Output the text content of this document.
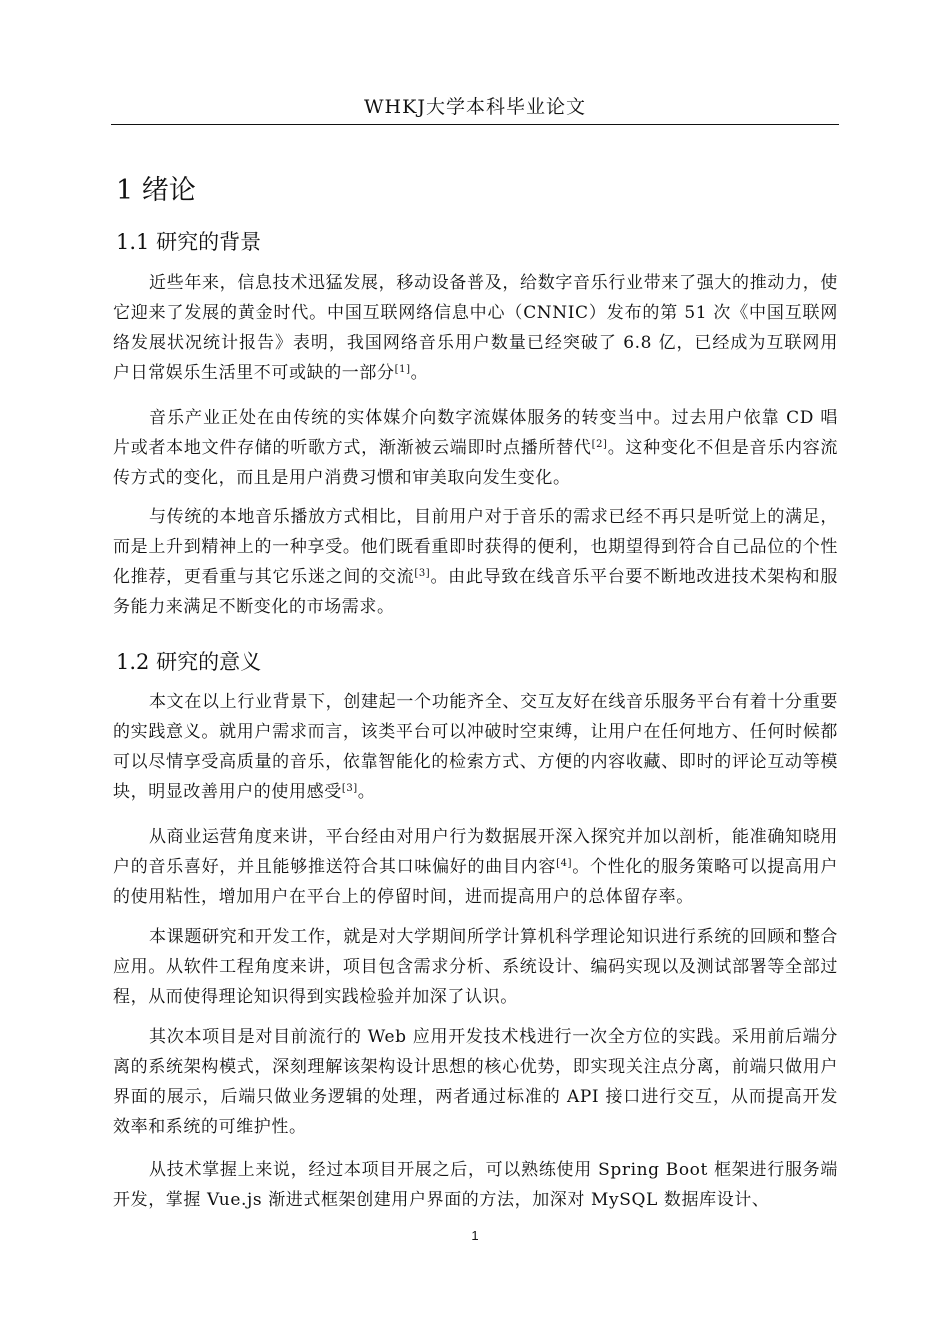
WHKJ大学本科毕业论文
1 绪论
1.1 研究的背景

近些年来，信息技术迅猛发展，移动设备普及，给数字音乐行业带来了强大的推动力，使它迎来了发展的黄金时代。中国互联网络信息中心（CNNIC）发布的第 51 次《中国互联网络发展状况统计报告》表明，我国网络音乐用户数量已经突破了 6.8 亿，已经成为互联网用户日常娱乐生活里不可或缺的一部分[1]。

音乐产业正处在由传统的实体媒介向数字流媒体服务的转变当中。过去用户依靠 CD 唱片或者本地文件存储的听歌方式，渐渐被云端即时点播所替代[2]。这种变化不但是音乐内容流传方式的变化，而且是用户消费习惯和审美取向发生变化。

与传统的本地音乐播放方式相比，目前用户对于音乐的需求已经不再只是听觉上的满足，而是上升到精神上的一种享受。他们既看重即时获得的便利，也期望得到符合自己品位的个性化推荐，更看重与其它乐迷之间的交流[3]。由此导致在线音乐平台要不断地改进技术架构和服务能力来满足不断变化的市场需求。

1.2 研究的意义

本文在以上行业背景下，创建起一个功能齐全、交互友好在线音乐服务平台有着十分重要的实践意义。就用户需求而言，该类平台可以冲破时空束缚，让用户在任何地方、任何时候都可以尽情享受高质量的音乐，依靠智能化的检索方式、方便的内容收藏、即时的评论互动等模块，明显改善用户的使用感受[3]。

从商业运营角度来讲，平台经由对用户行为数据展开深入探究并加以剖析，能准确知晓用户的音乐喜好，并且能够推送符合其口味偏好的曲目内容[4]。个性化的服务策略可以提高用户的使用粘性，增加用户在平台上的停留时间，进而提高用户的总体留存率。

本课题研究和开发工作，就是对大学期间所学计算机科学理论知识进行系统的回顾和整合应用。从软件工程角度来讲，项目包含需求分析、系统设计、编码实现以及测试部署等全部过程，从而使得理论知识得到实践检验并加深了认识。

其次本项目是对目前流行的 Web 应用开发技术栈进行一次全方位的实践。采用前后端分离的系统架构模式，深刻理解该架构设计思想的核心优势，即实现关注点分离，前端只做用户界面的展示，后端只做业务逻辑的处理，两者通过标准的 API 接口进行交互，从而提高开发效率和系统的可维护性。

从技术掌握上来说，经过本项目开展之后，可以熟练使用 Spring Boot 框架进行服务端开发，掌握 Vue.js 渐进式框架创建用户界面的方法，加深对 MySQL 数据库设计、

1
